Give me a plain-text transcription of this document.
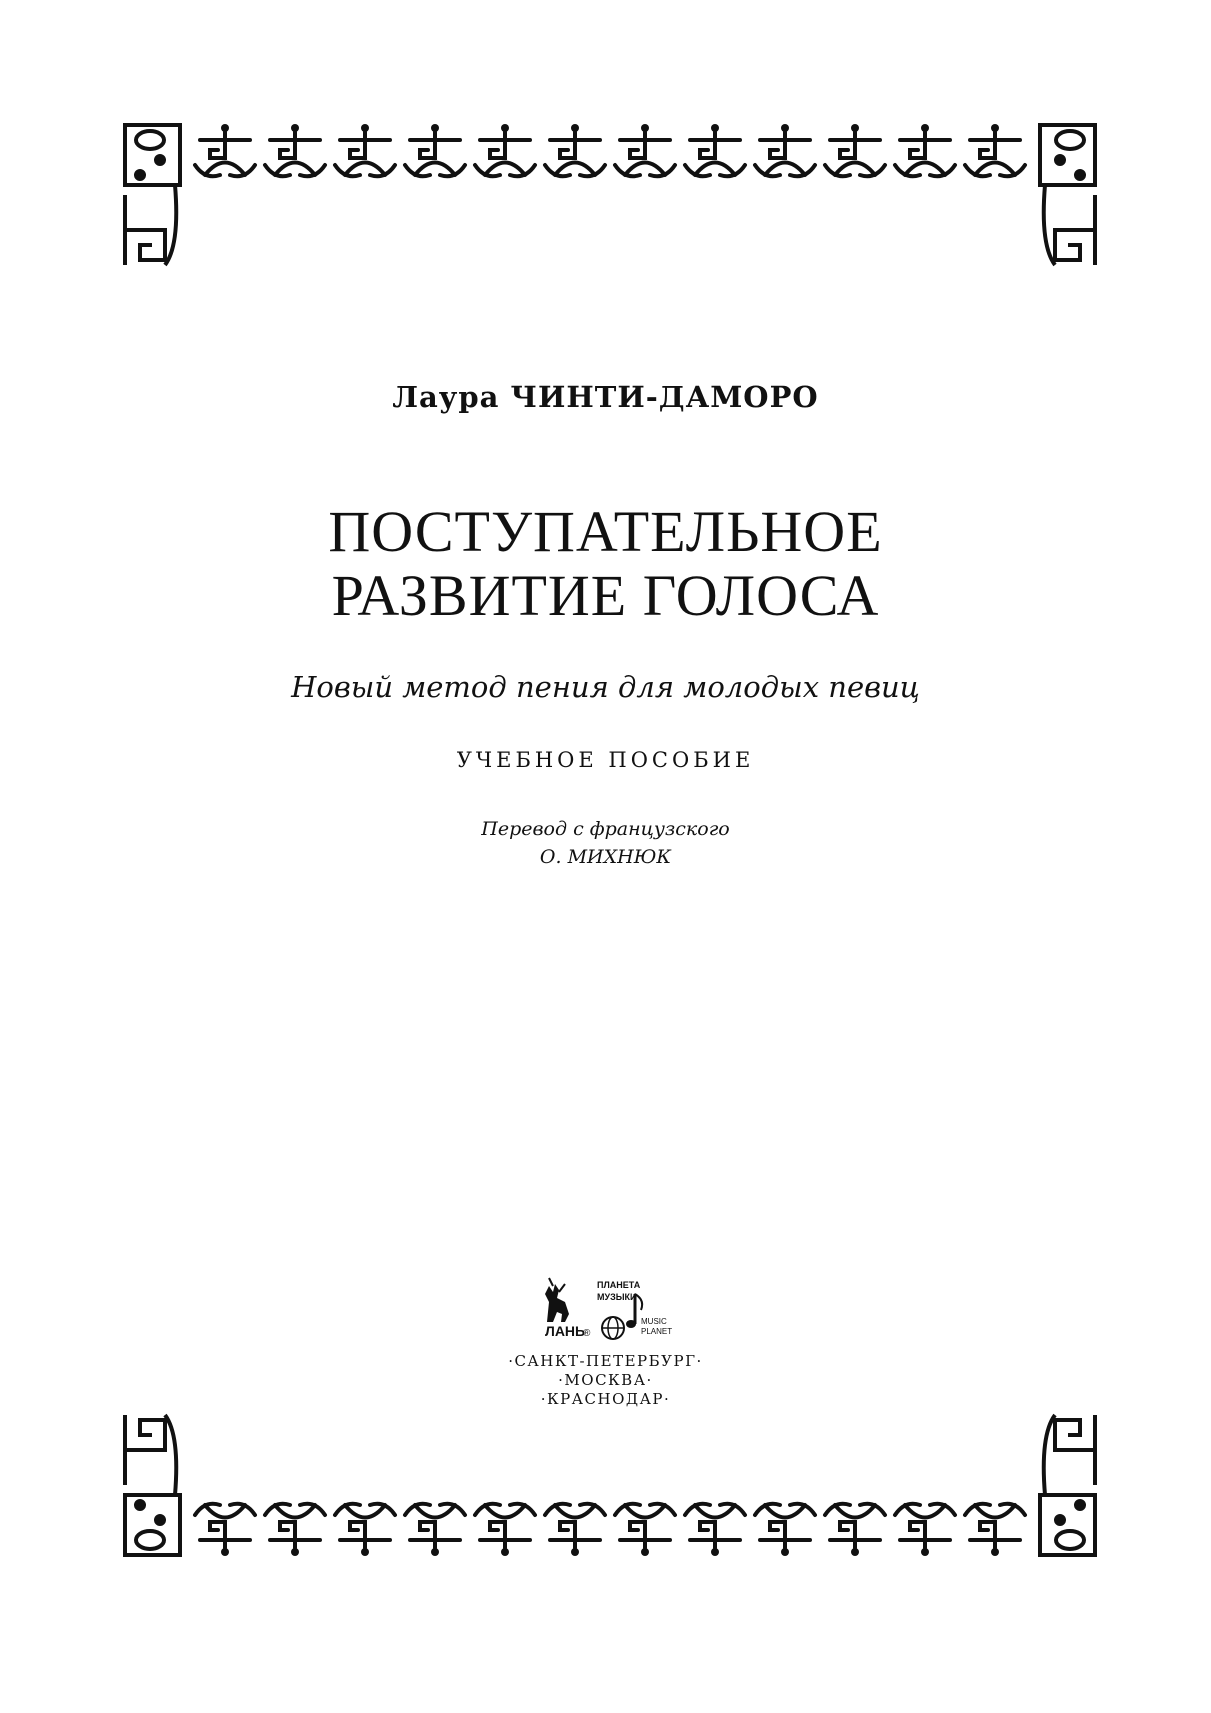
Лаура ЧИНТИ-ДАМОРО
ПОСТУПАТЕЛЬНОЕ
РАЗВИТИЕ ГОЛОСА
Новый метод пения для молодых певиц
УЧЕБНОЕ ПОСОБИЕ
Перевод с французского
О. МИХНЮК
ЛАНЬ
®
ПЛАНЕТА
МУЗЫКИ
MUSIC
PLANET
·САНКТ-ПЕТЕРБУРГ·
·МОСКВА·
·КРАСНОДАР·
